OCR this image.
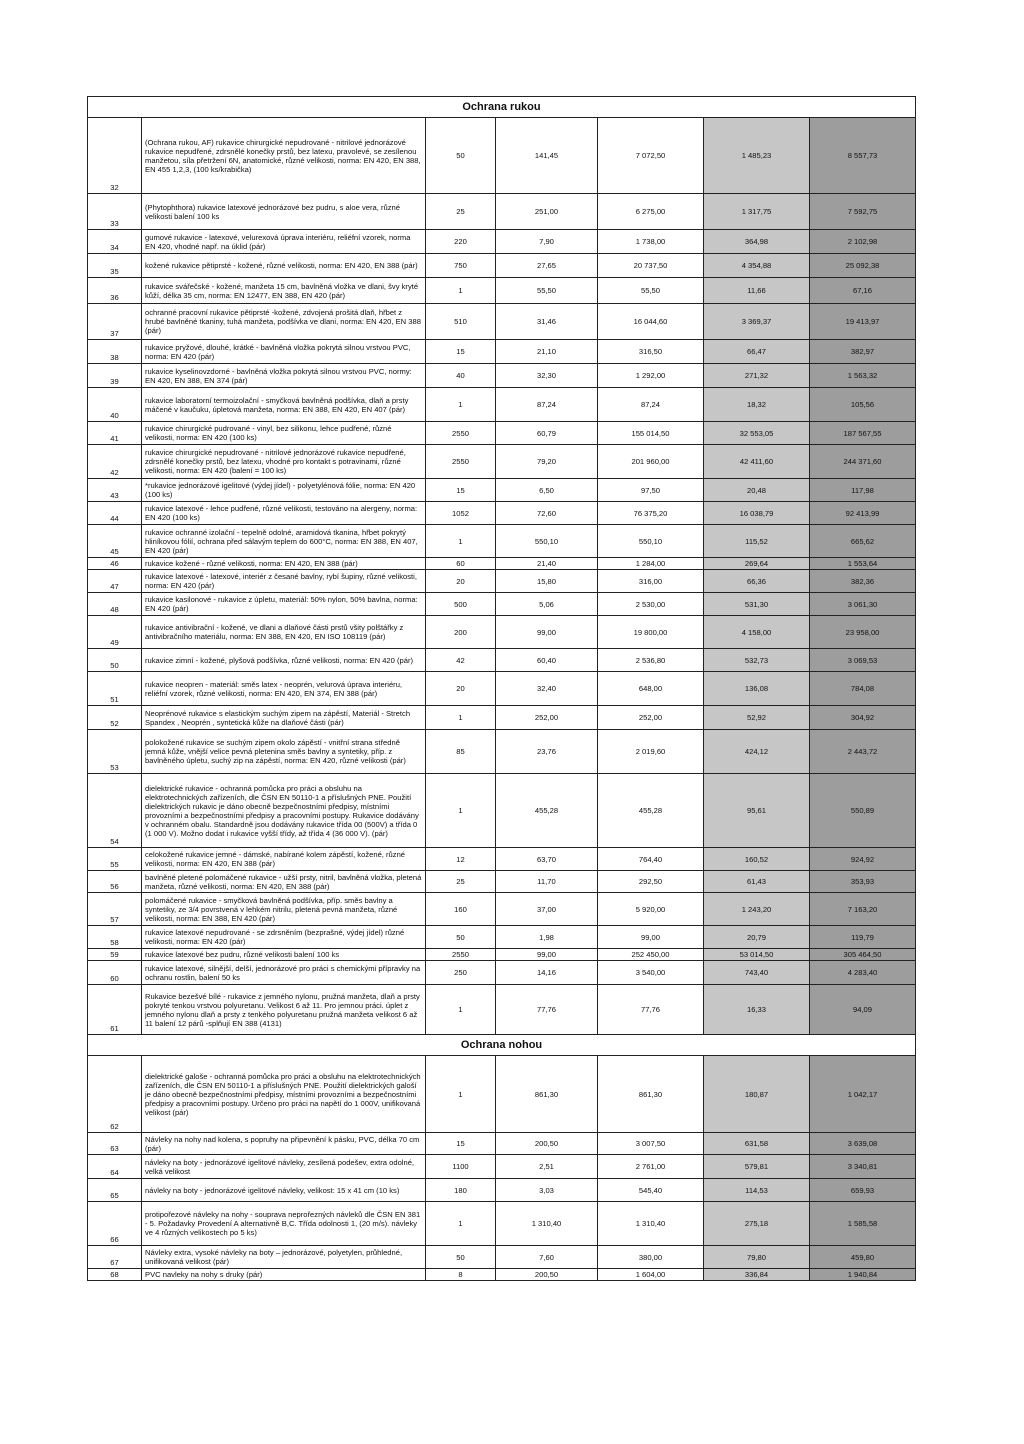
Ochrana rukou						
32	(Ochrana rukou, AF) rukavice chirurgické nepudrované - nitrilové jednorázové rukavice nepudřené, zdrsnělé konečky prstů, bez latexu, pravolevé, se zesílenou manžetou, síla přetržení 6N, anatomické, různé velikosti, norma: EN 420, EN 388, EN 455 1,2,3, (100 ks/krabička)	50	141,45	7 072,50	1 485,23	8 557,73
33	(Phytophthora) rukavice latexové jednorázové bez pudru, s aloe vera, různé velikosti balení 100 ks	25	251,00	6 275,00	1 317,75	7 592,75
34	gumové rukavice - latexové, velurexová úprava interiéru, reliéfní vzorek, norma EN 420, vhodné např. na úklid (pár)	220	7,90	1 738,00	364,98	2 102,98
35	kožené rukavice pětiprsté - kožené, různé velikosti, norma: EN 420, EN 388 (pár)	750	27,65	20 737,50	4 354,88	25 092,38
36	rukavice svářečské - kožené, manžeta 15 cm, bavlněná vložka ve dlani, švy kryté kůží, délka 35 cm, norma: EN 12477, EN 388, EN 420 (pár)	1	55,50	55,50	11,66	67,16
37	ochranné pracovní rukavice pětiprsté -kožené, zdvojená prošitá dlaň, hřbet z hrubé bavlněné tkaniny, tuhá manžeta, podšívka ve dlani, norma: EN 420, EN 388 (pár)	510	31,46	16 044,60	3 369,37	19 413,97
38	rukavice pryžové, dlouhé, krátké - bavlněná vložka pokrytá silnou vrstvou PVC, norma: EN 420 (pár)	15	21,10	316,50	66,47	382,97
39	rukavice kyselinovzdorné - bavlněná vložka pokrytá silnou vrstvou PVC, normy: EN 420, EN 388, EN 374 (pár)	40	32,30	1 292,00	271,32	1 563,32
40	rukavice laboratorní termoizolační - smyčková bavlněná podšívka, dlaň a prsty máčené v kaučuku, úpletová manžeta, norma: EN 388, EN 420, EN 407 (pár)	1	87,24	87,24	18,32	105,56
41	rukavice chirurgické pudrované - vinyl, bez silikonu, lehce pudřené, různé velikosti, norma: EN 420 (100 ks)	2550	60,79	155 014,50	32 553,05	187 567,55
42	rukavice chirurgické nepudrované - nitrilové jednorázové rukavice nepudřené, zdrsnělé konečky prstů, bez latexu, vhodné pro kontakt s potravinami, různé velikosti, norma: EN 420 (balení = 100 ks)	2550	79,20	201 960,00	42 411,60	244 371,60
43	*rukavice jednorázové igelitové (výdej jídel) - polyetylénová fólie, norma: EN 420 (100 ks)	15	6,50	97,50	20,48	117,98
44	rukavice latexové - lehce pudřené, různé velikosti, testováno na alergeny, norma: EN 420 (100 ks)	1052	72,60	76 375,20	16 038,79	92 413,99
45	rukavice ochranné izolační - tepelně odolné, aramidová tkanina, hřbet pokrytý hliníkovou fólií, ochrana před sálavým teplem do 600°C, norma: EN 388, EN 407, EN 420 (pár)	1	550,10	550,10	115,52	665,62
46	rukavice kožené - různé velikosti, norma: EN 420, EN 388 (pár)	60	21,40	1 284,00	269,64	1 553,64
47	rukavice latexové - latexové, interiér z česané bavlny, rybí šupiny, různé velikosti, norma: EN 420 (pár)	20	15,80	316,00	66,36	382,36
48	rukavice kasilonové - rukavice z úpletu, materiál: 50% nylon, 50% bavlna, norma: EN 420 (pár)	500	5,06	2 530,00	531,30	3 061,30
49	rukavice antivibrační - kožené, ve dlani a dlaňové části prstů všity polštářky z antivibračního materiálu, norma: EN 388, EN 420, EN ISO 108119 (pár)	200	99,00	19 800,00	4 158,00	23 958,00
50	rukavice zimní - kožené, plyšová podšívka, různé velikosti, norma: EN 420 (pár)	42	60,40	2 536,80	532,73	3 069,53
51	rukavice neopren - materiál: směs latex - neoprén, velurová úprava interiéru, reliéfní vzorek, různé velikosti, norma: EN 420, EN 374, EN 388 (pár)	20	32,40	648,00	136,08	784,08
52	Neoprénové rukavice s elastickým suchým zipem na zápěstí, Materiál - Stretch Spandex , Neoprén , syntetická kůže na dlaňové části (pár)	1	252,00	252,00	52,92	304,92
53	polokožené rukavice se suchým zipem okolo zápěstí - vnitřní strana středně jemná kůže, vnější velice pevná pletenina směs bavlny a syntetiky, příp. z bavlněného úpletu, suchý zip na zápěstí, norma: EN 420, různé velikosti (pár)	85	23,76	2 019,60	424,12	2 443,72
54	dielektrické rukavice - ochranná pomůcka pro práci a obsluhu na elektrotechnických zařízeních, dle ČSN EN 50110-1 a příslušných PNE. Použití dielektrických rukavic je dáno obecně bezpečnostními předpisy, místními provozními a bezpečnostními předpisy a pracovními postupy. Rukavice dodávány v ochranném obalu. Standardně jsou dodávány rukavice třída 00 (500V) a třída 0 (1 000 V). Možno dodat i rukavice vyšší třídy, až třída 4 (36 000 V). (pár)	1	455,28	455,28	95,61	550,89
55	celokožené rukavice jemné - dámské, nabírané kolem zápěstí, kožené, různé velikosti, norma: EN 420, EN 388 (pár)	12	63,70	764,40	160,52	924,92
56	bavlněné pletené polomáčené rukavice - užší prsty, nitril, bavlněná vložka, pletená manžeta, různé velikosti, norma: EN 420, EN 388 (pár)	25	11,70	292,50	61,43	353,93
57	polomáčené rukavice - smyčková bavlněná podšívka, příp. směs bavlny a syntetiky, ze 3/4 povrstvená v lehkém nitrilu, pletená pevná manžeta, různé velikosti, norma: EN 388, EN 420 (pár)	160	37,00	5 920,00	1 243,20	7 163,20
58	rukavice latexové nepudrované - se zdrsněním (bezprašné, výdej jídel) různé velikosti, norma: EN 420 (pár)	50	1,98	99,00	20,79	119,79
59	rukavice latexové bez pudru, různé velikosti balení 100 ks	2550	99,00	252 450,00	53 014,50	305 464,50
60	rukavice latexové, silnější, delší, jednorázové pro práci s chemickými přípravky na ochranu rostlin, balení 50 ks	250	14,16	3 540,00	743,40	4 283,40
61	Rukavice bezešvé bílé - rukavice z jemného nylonu, pružná manžeta, dlaň a prsty pokryté tenkou vrstvou polyuretanu. Velikost 6 až 11. Pro jemnou práci. úplet z jemného nylonu dlaň a prsty z tenkého polyuretanu pružná manžeta velikost 6 až 11 balení 12 párů -splňují EN 388 (4131)	1	77,76	77,76	16,33	94,09
Ochrana nohou						
62	dielektrické galoše - ochranná pomůcka pro práci a obsluhu na elektrotechnických zařízeních, dle ČSN EN 50110-1 a příslušných PNE. Použití dielektrických galoší je dáno obecně bezpečnostními předpisy, místními provozními a bezpečnostními předpisy a pracovními postupy. Určeno pro práci na napětí do 1 000V, unifikovaná velikost (pár)	1	861,30	861,30	180,87	1 042,17
63	Návleky na nohy nad kolena, s popruhy na připevnění k pásku, PVC, délka 70 cm (pár)	15	200,50	3 007,50	631,58	3 639,08
64	návleky na boty - jednorázové igelitové návleky, zesílená podešev, extra odolné, velká velikost	1100	2,51	2 761,00	579,81	3 340,81
65	návleky na boty - jednorázové igelitové návleky, velikost: 15 x 41 cm (10 ks)	180	3,03	545,40	114,53	659,93
66	protipořezové návleky na nohy - souprava neprořezných návleků dle ČSN EN 381 - 5. Požadavky Provedení A alternativně B,C. Třída odolnosti 1, (20 m/s). návleky ve 4 různých velikostech po 5 ks)	1	1 310,40	1 310,40	275,18	1 585,58
67	Návleky extra, vysoké návleky na boty – jednorázové, polyetylen, průhledné, unifikovaná velikost (pár)	50	7,60	380,00	79,80	459,80
68	PVC navleky na nohy s druky (pár)	8	200,50	1 604,00	336,84	1 940,84
